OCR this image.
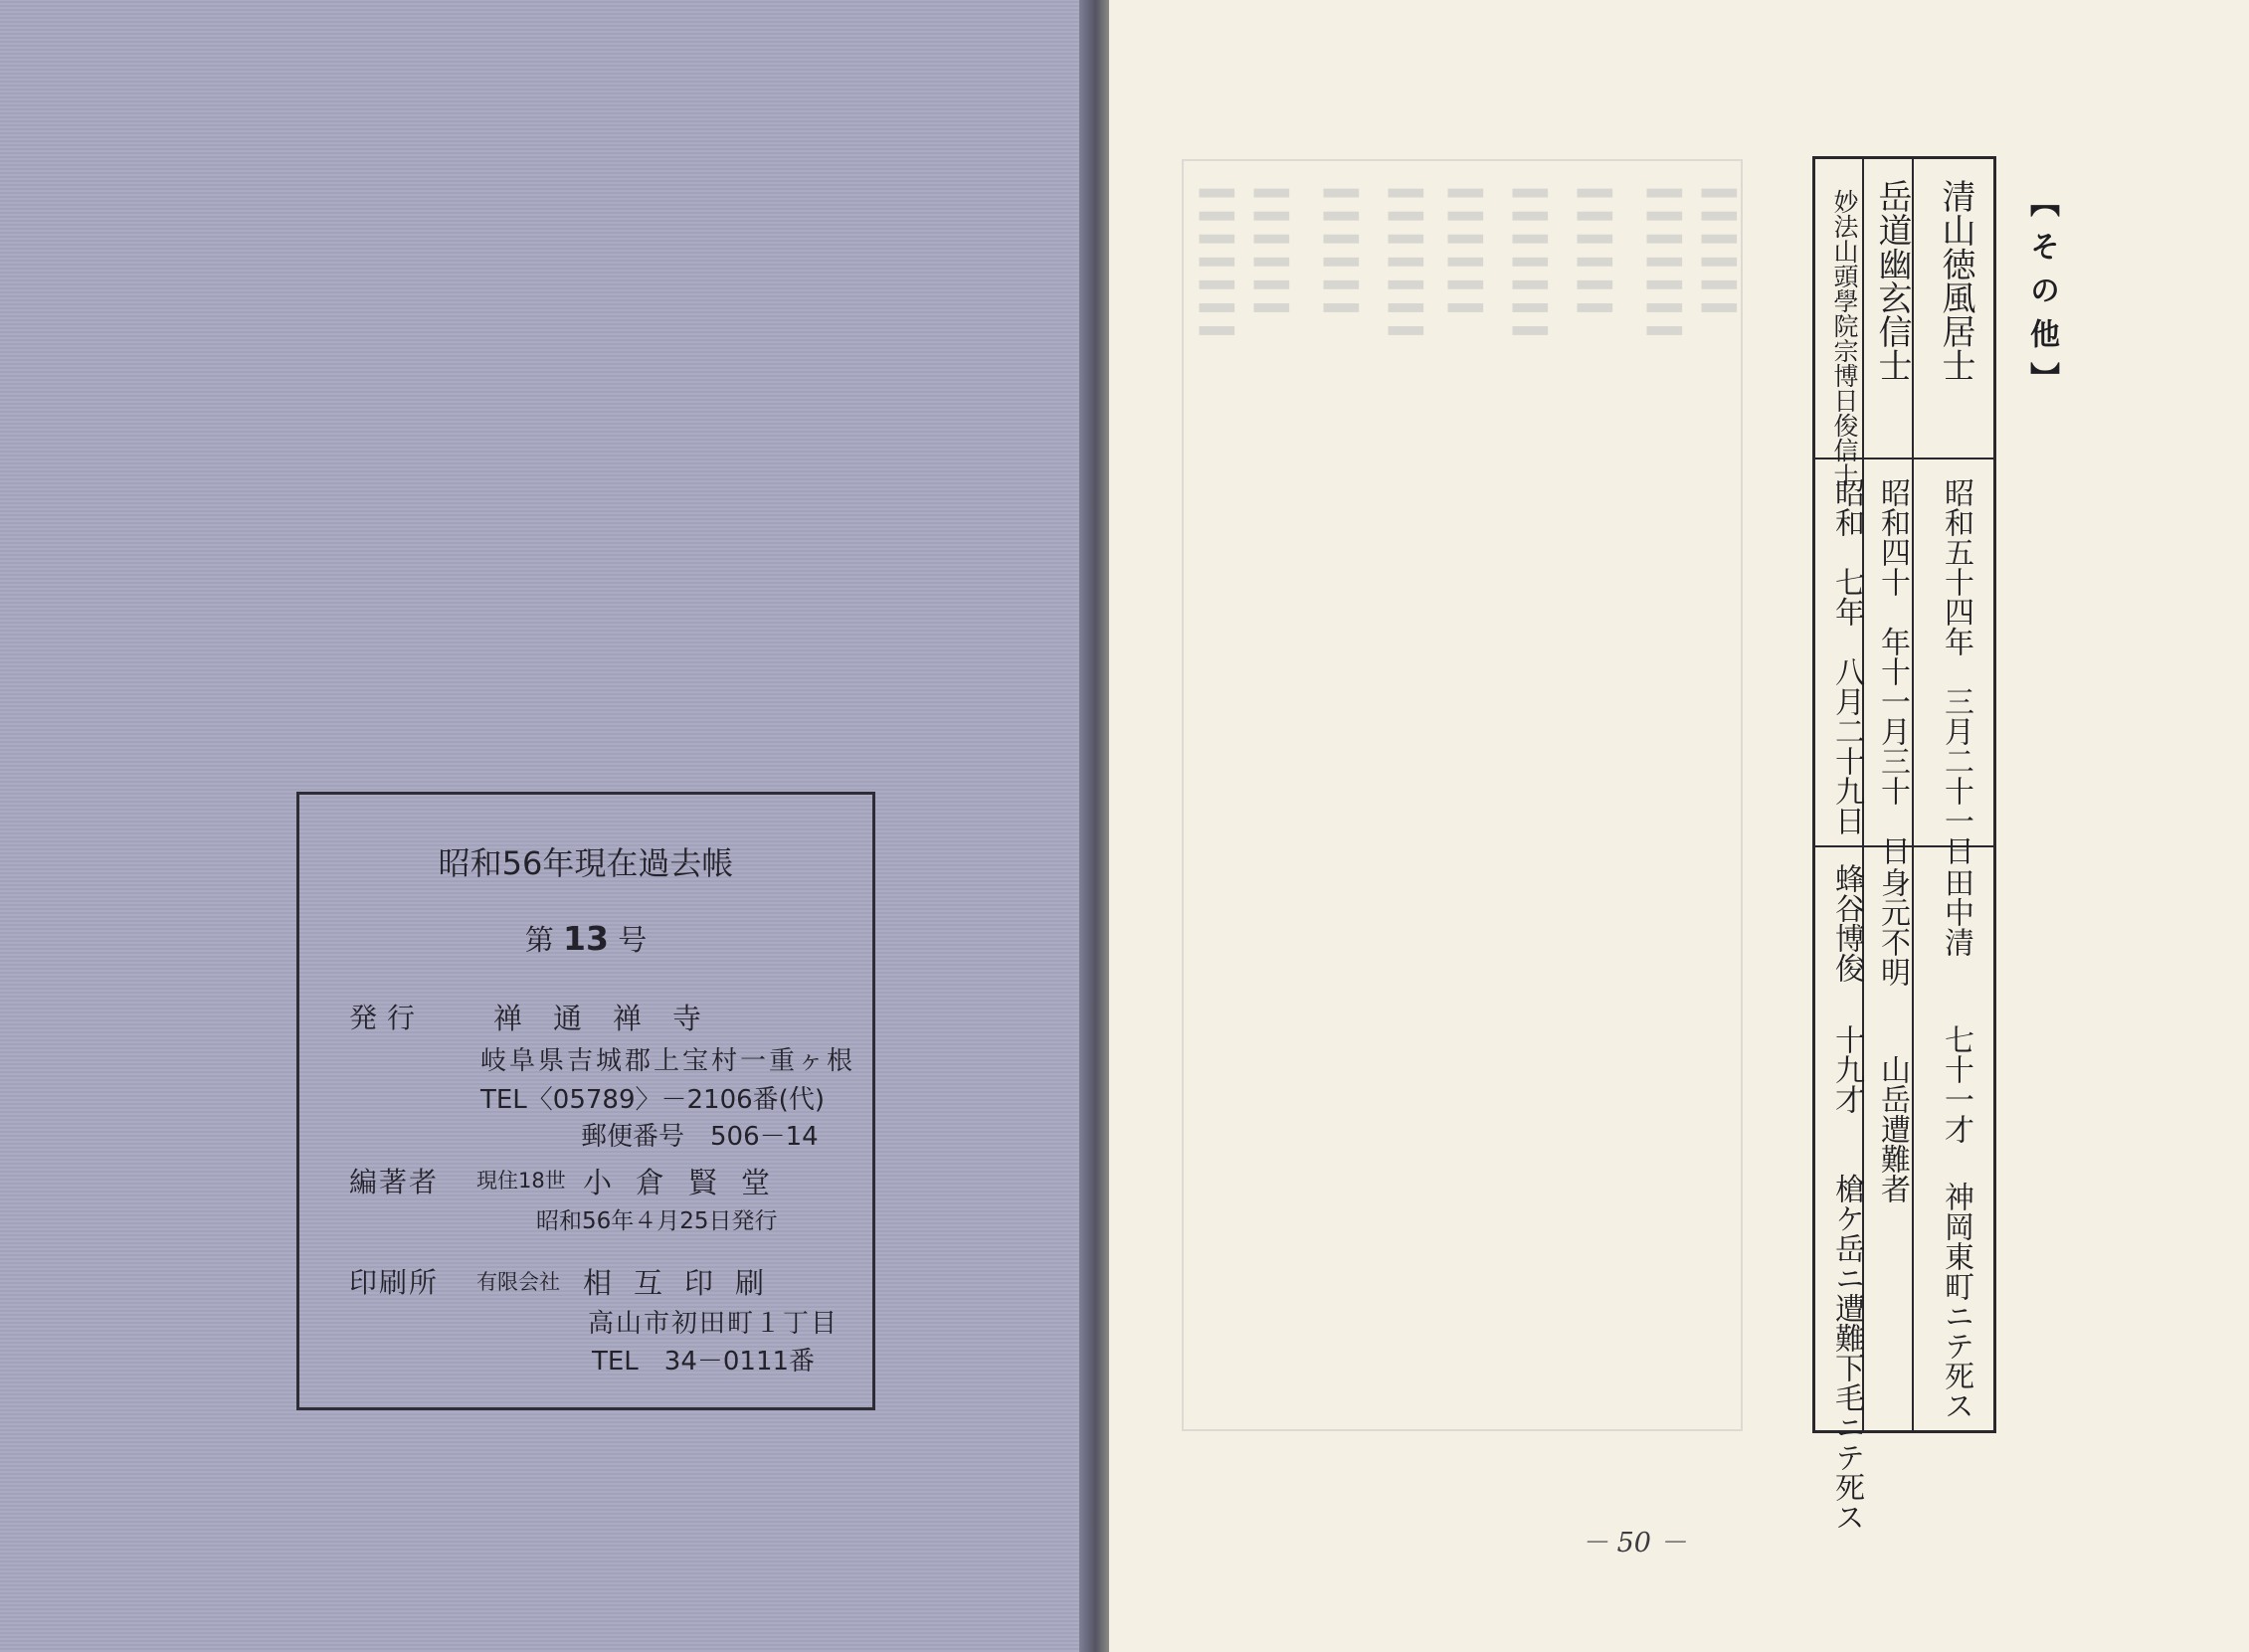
昭和56年現在過去帳
第 13 号
発行 禅通禅寺
岐阜県吉城郡上宝村一重ヶ根
TEL〈05789〉－2106番(代)
郵便番号　506－14
編著者 現住18世 小倉賢堂
昭和56年４月25日発行
印刷所 有限会社 相互印刷
高山市初田町１丁目
TEL　34－0111番
▍▍▍▍▍▍▍ ▍▍▍▍▍▍ ▍▍▍▍▍▍ ▍▍▍▍▍▍▍ ▍▍▍▍▍▍ ▍▍▍▍▍▍▍ ▍▍▍▍▍▍ ▍▍▍▍▍▍▍ ▍▍▍▍▍▍	【その他】
清山徳風居士
昭和五十四年　三月二十一日
田中清
七十一才
神岡東町ニテ死ス
岳道幽玄信士
昭和四十　年十一月三十　日
身元不明
山岳遭難者
妙法山頭學院宗博日俊信士
昭和　七年　八月二十九日
蜂谷博俊
十九才
槍ケ岳ニ遭難下毛ニテ死ス
－ 50 －
